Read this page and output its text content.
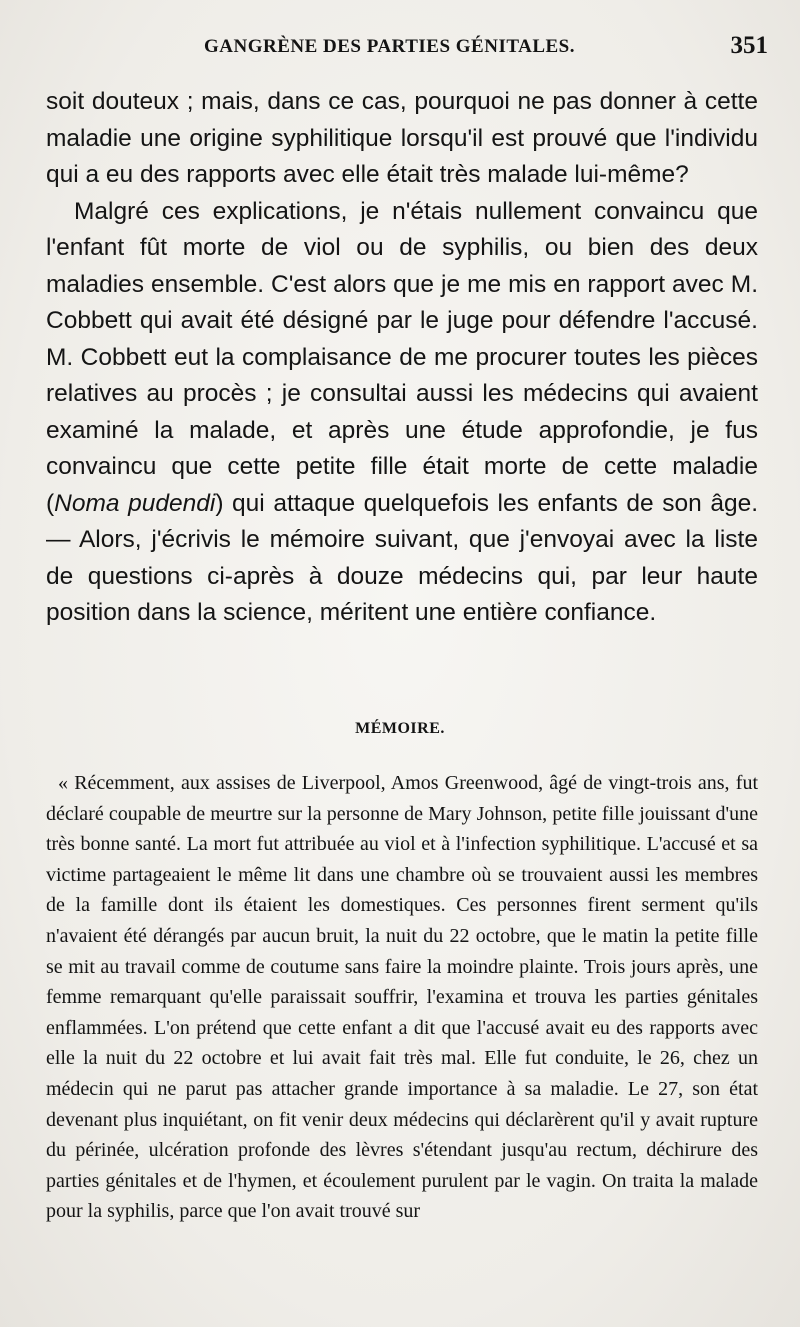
GANGRÈNE DES PARTIES GÉNITALES.	351

soit douteux ; mais, dans ce cas, pourquoi ne pas donner à cette maladie une origine syphilitique lorsqu'il est prouvé que l'individu qui a eu des rapports avec elle était très malade lui-même?

Malgré ces explications, je n'étais nullement convaincu que l'enfant fût morte de viol ou de syphilis, ou bien des deux maladies ensemble. C'est alors que je me mis en rapport avec M. Cobbett qui avait été désigné par le juge pour défendre l'accusé. M. Cobbett eut la complaisance de me procurer toutes les pièces relatives au procès ; je consultai aussi les médecins qui avaient examiné la malade, et après une étude approfondie, je fus convaincu que cette petite fille était morte de cette maladie (Noma pudendi) qui attaque quelquefois les enfants de son âge. — Alors, j'écrivis le mémoire suivant, que j'envoyai avec la liste de questions ci-après à douze médecins qui, par leur haute position dans la science, méritent une entière confiance.

MÉMOIRE.

« Récemment, aux assises de Liverpool, Amos Greenwood, âgé de vingt-trois ans, fut déclaré coupable de meurtre sur la personne de Mary Johnson, petite fille jouissant d'une très bonne santé. La mort fut attribuée au viol et à l'infection syphilitique. L'accusé et sa victime partageaient le même lit dans une chambre où se trouvaient aussi les membres de la famille dont ils étaient les domestiques. Ces personnes firent serment qu'ils n'avaient été dérangés par aucun bruit, la nuit du 22 octobre, que le matin la petite fille se mit au travail comme de coutume sans faire la moindre plainte. Trois jours après, une femme remarquant qu'elle paraissait souffrir, l'examina et trouva les parties génitales enflammées. L'on prétend que cette enfant a dit que l'accusé avait eu des rapports avec elle la nuit du 22 octobre et lui avait fait très mal. Elle fut conduite, le 26, chez un médecin qui ne parut pas attacher grande importance à sa maladie. Le 27, son état devenant plus inquiétant, on fit venir deux médecins qui déclarèrent qu'il y avait rupture du périnée, ulcération profonde des lèvres s'étendant jusqu'au rectum, déchirure des parties génitales et de l'hymen, et écoulement purulent par le vagin. On traita la malade pour la syphilis, parce que l'on avait trouvé sur
